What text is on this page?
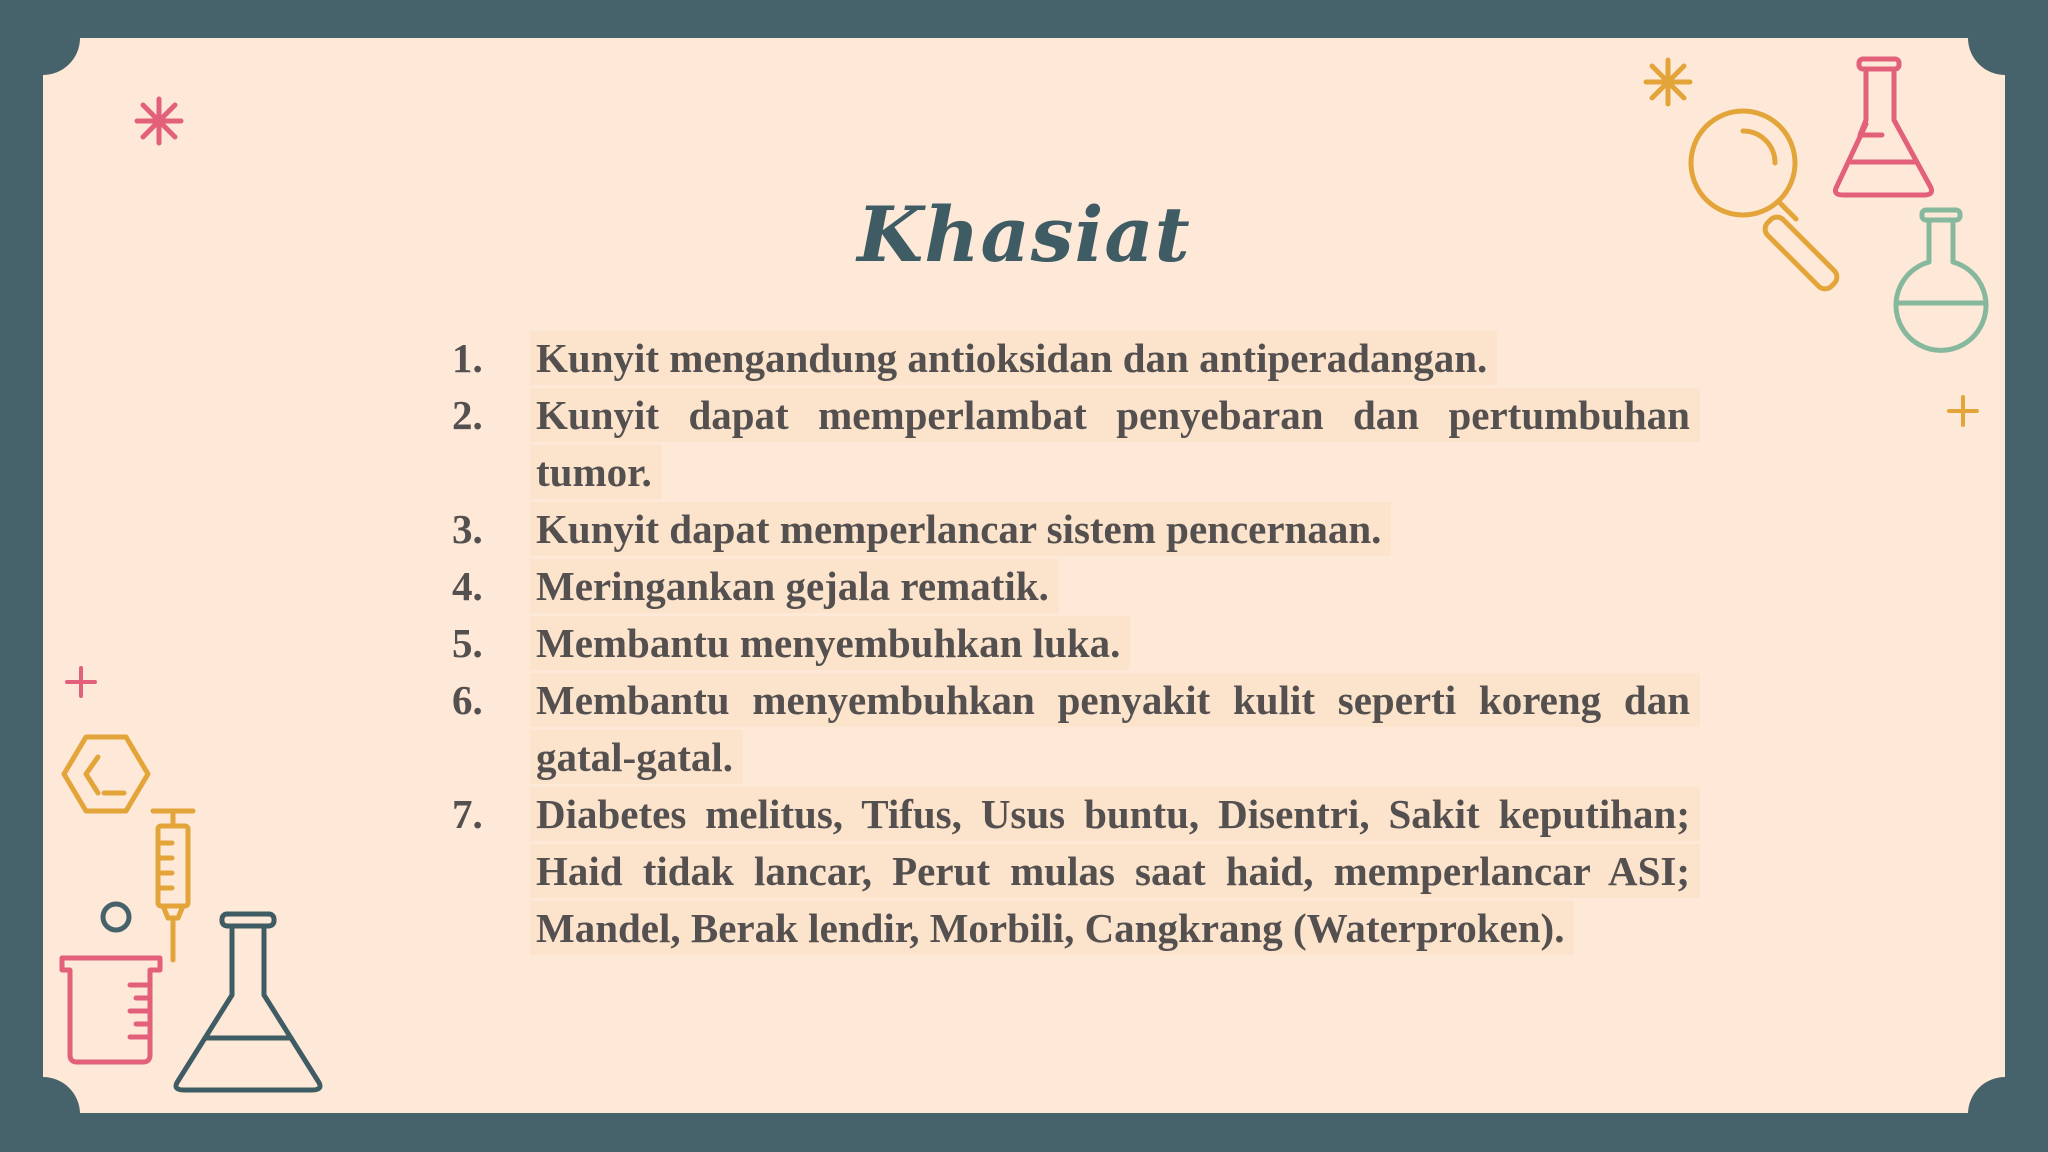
Khasiat
1.	Kunyit mengandung antioksidan dan antiperadangan.
2.	Kunyit dapat memperlambat penyebaran dan pertumbuhan tumor.
3.	Kunyit dapat memperlancar sistem pencernaan.
4.	Meringankan gejala rematik.
5.	Membantu menyembuhkan luka.
6.	Membantu menyembuhkan penyakit kulit seperti koreng dan gatal-gatal.
7.	Diabetes melitus, Tifus, Usus buntu, Disentri, Sakit keputihan; Haid tidak lancar, Perut mulas saat haid, memperlancar ASI; Mandel, Berak lendir, Morbili, Cangkrang (Waterproken).
